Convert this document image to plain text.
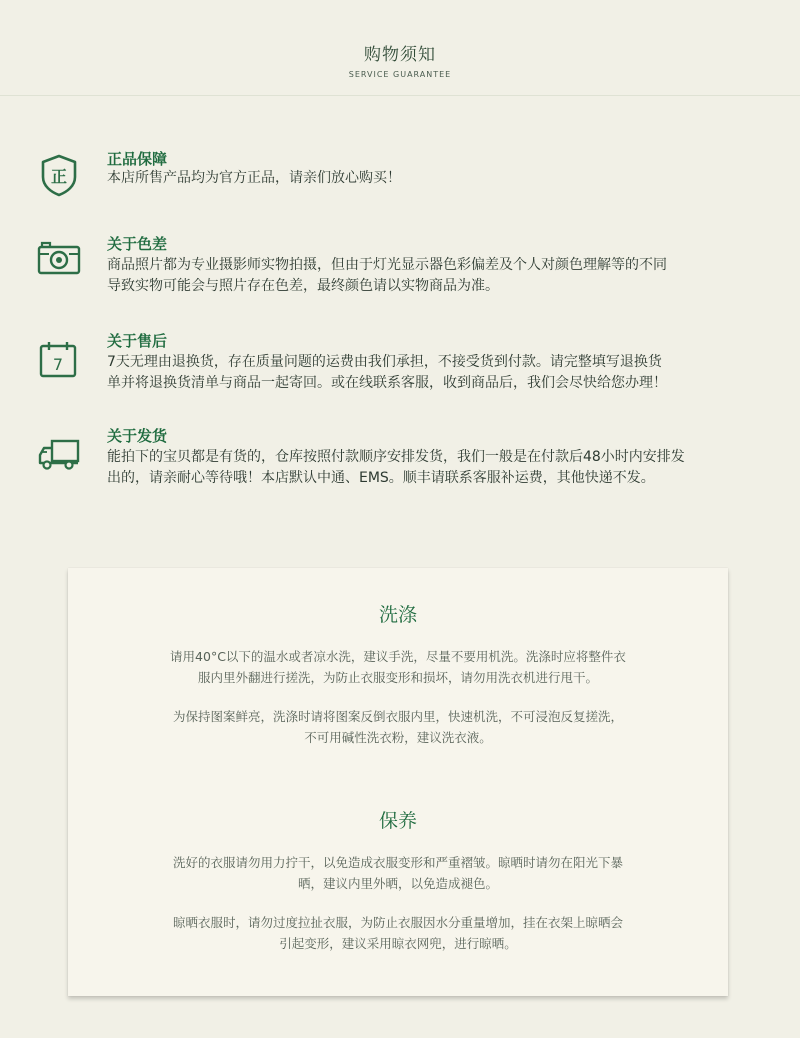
购物须知
SERVICE GUARANTEE
正
正品保障
本店所售产品均为官方正品，请亲们放心购买！
关于色差
商品照片都为专业摄影师实物拍摄，但由于灯光显示器色彩偏差及个人对颜色理解等的不同
导致实物可能会与照片存在色差，最终颜色请以实物商品为准。
7
关于售后
7天无理由退换货，存在质量问题的运费由我们承担，不接受货到付款。请完整填写退换货
单并将退换货清单与商品一起寄回。或在线联系客服，收到商品后，我们会尽快给您办理！
关于发货
能拍下的宝贝都是有货的，仓库按照付款顺序安排发货，我们一般是在付款后48小时内安排发
出的，请亲耐心等待哦！本店默认中通、EMS。顺丰请联系客服补运费，其他快递不发。
洗涤
请用40°C以下的温水或者凉水洗，建议手洗，尽量不要用机洗。洗涤时应将整件衣
服内里外翻进行搓洗，为防止衣服变形和损坏，请勿用洗衣机进行甩干。
为保持图案鲜亮，洗涤时请将图案反倒衣服内里，快速机洗，不可浸泡反复搓洗，
不可用碱性洗衣粉，建议洗衣液。
保养
洗好的衣服请勿用力拧干，以免造成衣服变形和严重褶皱。晾晒时请勿在阳光下暴
晒，建议内里外晒，以免造成褪色。
晾晒衣服时，请勿过度拉扯衣服，为防止衣服因水分重量增加，挂在衣架上晾晒会
引起变形，建议采用晾衣网兜，进行晾晒。
